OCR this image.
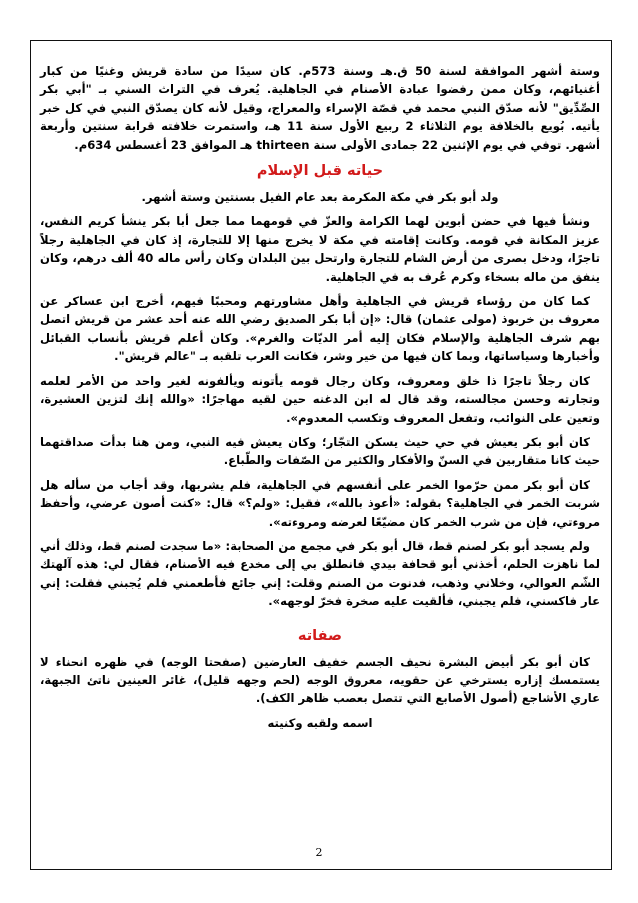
وستة أشهر الموافقة لسنة 50 ق.هـ وسنة 573م. كان سيدًا من سادة قريش وغنيًا من كبار أغنيائهم، وكان ممن رفضوا عبادة الأصنام في الجاهلية. يُعرف في التراث السني بـ "أبي بكر الصِّدِّيق" لأنه صدّق النبي محمد في قصّة الإسراء والمعراج، وقيل لأنه كان يصدّق النبي في كل خبر يأتيه. بُويع بالخلافة يوم الثلاثاء 2 ربيع الأول سنة 11 هـ، واستمرت خلافته قرابة سنتين وأربعة أشهر. توفي في يوم الإثنين 22 جمادى الأولى سنة thirteen هـ الموافق 23 أغسطس 634م.

حياته قبل الإسلام

ولد أبو بكر في مكة المكرمة بعد عام الفيل بسنتين وستة أشهر.

ونشأ فيها في حضن أبوين لهما الكرامة والعزّ في قومهما مما جعل أبا بكر ينشأ كريم النفس، عزيز المكانة في قومه. وكانت إقامته في مكة لا يخرج منها إلا للتجارة، إذ كان في الجاهلية رجلاً تاجرًا، ودخل بصرى من أرض الشام للتجارة وارتحل بين البلدان وكان رأس ماله 40 ألف درهم، وكان ينفق من ماله بسخاء وكرم عُرف به في الجاهلية.

كما كان من رؤساء قريش في الجاهلية وأهل مشاورتهم ومحببًا فيهم، أخرج ابن عساكر عن معروف بن خربوذ (مولى عثمان) قال: «إن أبا بكر الصديق رضي الله عنه أحد عشر من قريش اتصل بهم شرف الجاهلية والإسلام فكان إليه أمر الديّات والغرم». وكان أعلم قريش بأنساب القبائل وأخبارها وسياساتها، وبما كان فيها من خير وشر، فكانت العرب تلقبه بـ "عالم قريش".

كان رجلاً تاجرًا ذا خلق ومعروف، وكان رجال قومه يأتونه ويألفونه لغير واحد من الأمر لعلمه وتجارته وحسن مجالسته، وقد قال له ابن الدغنه حين لقيه مهاجرًا: «والله إنك لتزين العشيرة، وتعين على النوائب، وتفعل المعروف وتكسب المعدوم».

كان أبو بكر يعيش في حي حيث يسكن التجّار؛ وكان يعيش فيه النبي، ومن هنا بدأت صداقتهما حيث كانا متقاربين في السنّ والأفكار والكثير من الصّفات والطّباع.

كان أبو بكر ممن حرّموا الخمر على أنفسهم في الجاهلية، فلم يشربها، وقد أجاب من سأله هل شربت الخمر في الجاهلية؟ بقوله: «أعوذ بالله»، فقيل: «ولم؟» قال: «كنت أصون عرضي، وأحفظ مروءتي، فإن من شرب الخمر كان مضيّعًا لعرضه ومروءته».

ولم يسجد أبو بكر لصنم قط، قال أبو بكر في مجمع من الصحابة: «ما سجدت لصنم قط، وذلك أني لما ناهزت الحلم، أخذني أبو قحافة بيدي فانطلق بي إلى مخدع فيه الأصنام، فقال لي: هذه آلهتك الشّم العوالي، وخلاني وذهب، فدنوت من الصنم وقلت: إني جائع فأطعمني فلم يُجبني فقلت: إني عار فاكسني، فلم يجبني، فألقيت عليه صخرة فخرّ لوجهه».

صفاته

كان أبو بكر أبيض البشرة نحيف الجسم خفيف العارضين (صفحتا الوجه) في ظهره انحناء لا يستمسك إزاره يسترخي عن حقويه، معروق الوجه (لحم وجهه قليل)، غائر العينين ناتئ الجبهة، عاري الأشاجع (أصول الأصابع التي تتصل بعصب ظاهر الكف).

اسمه ولقبه وكنيته

2
